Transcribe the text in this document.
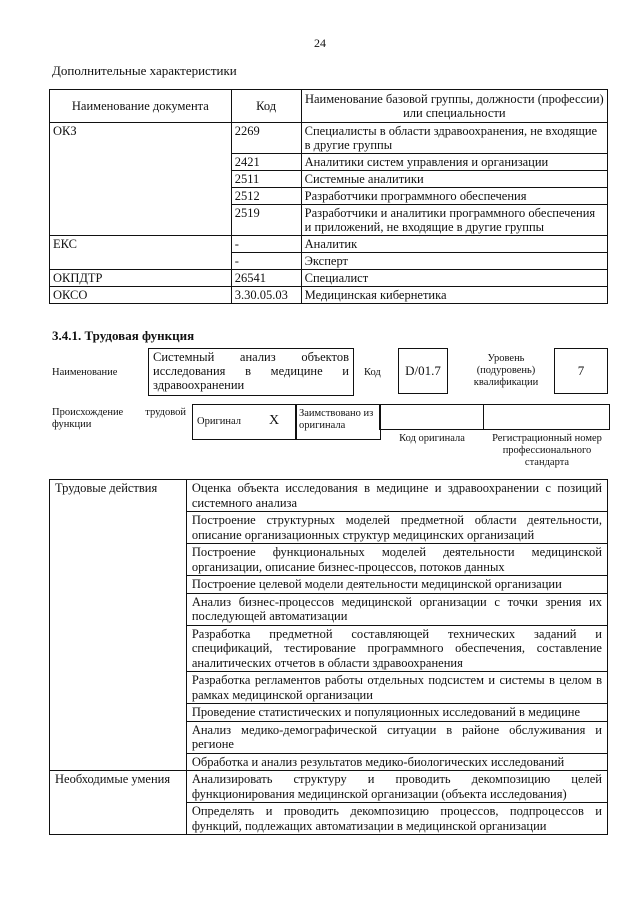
24
Дополнительные характеристики
Наименование документа	Код	Наименование базовой группы, должности (профессии) или специальности
ОКЗ	2269	Специалисты в области здравоохранения, не входящие в другие группы
	2421	Аналитики систем управления и организации
	2511	Системные аналитики
	2512	Разработчики программного обеспечения
	2519	Разработчики и аналитики программного обеспечения и приложений, не входящие в другие группы
ЕКС	-	Аналитик
	-	Эксперт
ОКПДТР	26541	Специалист
ОКСО	3.30.05.03	Медицинская кибернетика
3.4.1. Трудовая функция
Наименование
Системный анализ объектов исследования в медицине и здравоохранении
Код	D/01.7
Уровень (подуровень) квалификации
7
Происхождение трудовой функции	Оригинал X Заимствовано из оригинала
Код оригинала	Регистрационный номер профессионального стандарта
Трудовые действия	Оценка объекта исследования в медицине и здравоохранении с позиций системного анализа
	Построение структурных моделей предметной области деятельности, описание организационных структур медицинских организаций
	Построение функциональных моделей деятельности медицинской организации, описание бизнес-процессов, потоков данных
	Построение целевой модели деятельности медицинской организации
	Анализ бизнес-процессов медицинской организации с точки зрения их последующей автоматизации
	Разработка предметной составляющей технических заданий и спецификаций, тестирование программного обеспечения, составление аналитических отчетов в области здравоохранения
	Разработка регламентов работы отдельных подсистем и системы в целом в рамках медицинской организации
	Проведение статистических и популяционных исследований в медицине
	Анализ медико-демографической ситуации в районе обслуживания и регионе
	Обработка и анализ результатов медико-биологических исследований
Необходимые умения	Анализировать структуру и проводить декомпозицию целей функционирования медицинской организации (объекта исследования)
	Определять и проводить декомпозицию процессов, подпроцессов и функций, подлежащих автоматизации в медицинской организации
